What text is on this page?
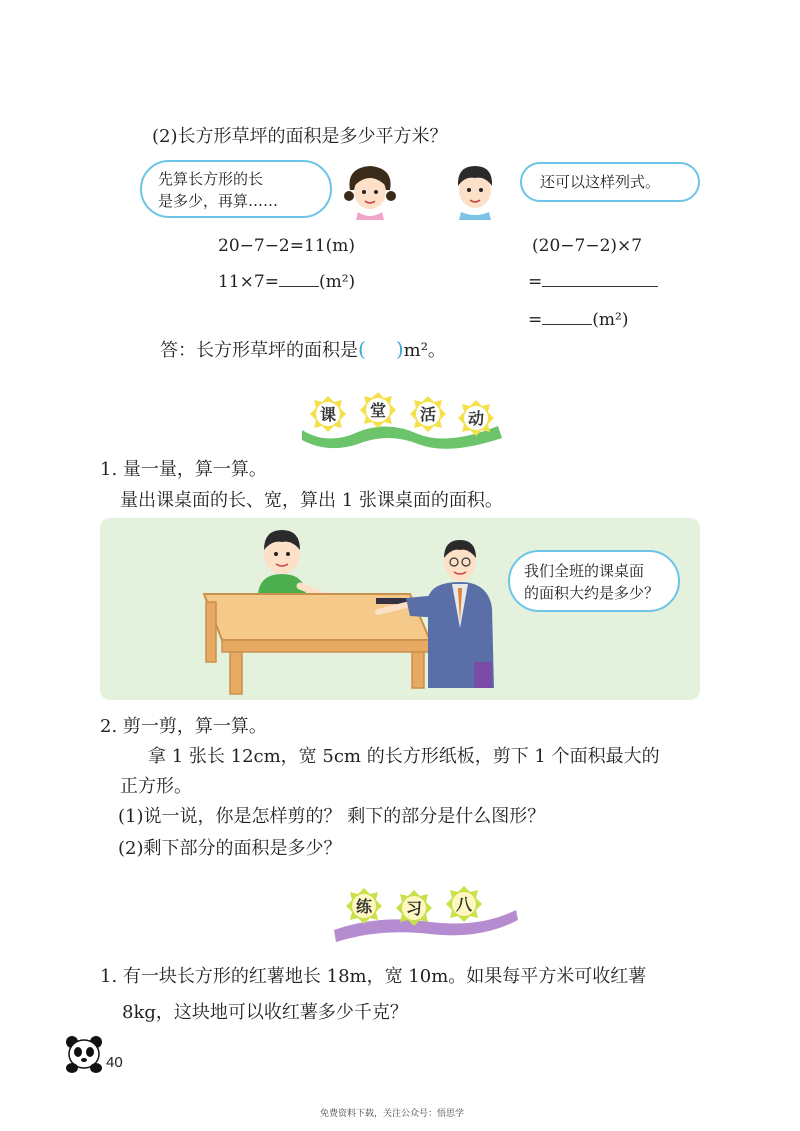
(2)长方形草坪的面积是多少平方米？
先算长方形的长
是多少，再算……
还可以这样列式。
20−7−2=11(m)
11×7= (m²)
(20−7−2)×7
=
=	(m²)
答：长方形草坪的面积是( )m²。
课 堂 活 动
1. 量一量，算一算。
量出课桌面的长、宽，算出 1 张课桌面的面积。
我们全班的课桌面
的面积大约是多少？
2. 剪一剪，算一算。
拿 1 张长 12cm，宽 5cm 的长方形纸板，剪下 1 个面积最大的
正方形。
(1)说一说，你是怎样剪的？ 剩下的部分是什么图形？
(2)剩下部分的面积是多少？
练 习 八
1. 有一块长方形的红薯地长 18m，宽 10m。如果每平方米可收红薯
8kg，这块地可以收红薯多少千克？
40
免费资料下载，关注公众号：悟思学
